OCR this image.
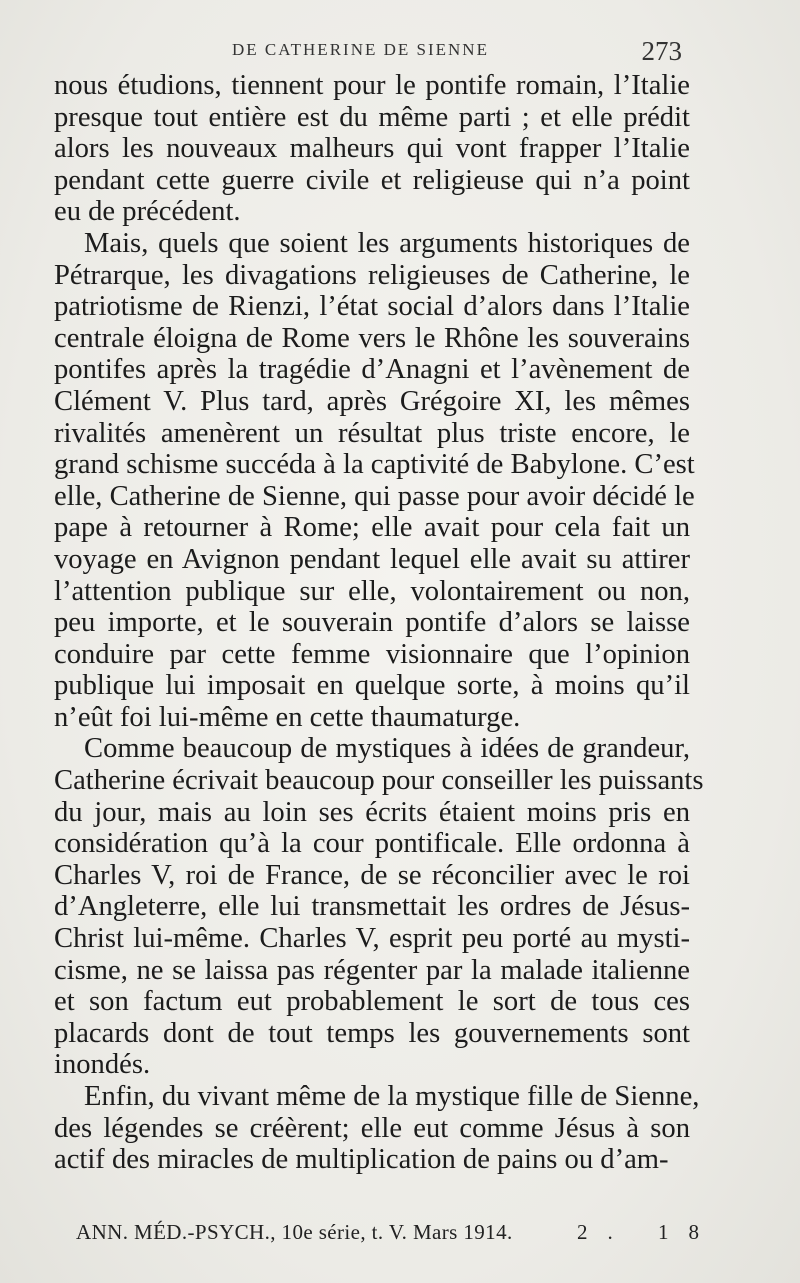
DE CATHERINE DE SIENNE	273
nous étudions, tiennent pour le pontife romain, l’Italie
presque tout entière est du même parti ; et elle prédit
alors les nouveaux malheurs qui vont frapper l’Italie
pendant cette guerre civile et religieuse qui n’a point
eu de précédent.
Mais, quels que soient les arguments historiques de
Pétrarque, les divagations religieuses de Catherine, le
patriotisme de Rienzi, l’état social d’alors dans l’Italie
centrale éloigna de Rome vers le Rhône les souverains
pontifes après la tragédie d’Anagni et l’avènement de
Clément V. Plus tard, après Grégoire XI, les mêmes
rivalités amenèrent un résultat plus triste encore, le
grand schisme succéda à la captivité de Babylone. C’est
elle, Catherine de Sienne, qui passe pour avoir décidé le
pape à retourner à Rome; elle avait pour cela fait un
voyage en Avignon pendant lequel elle avait su attirer
l’attention publique sur elle, volontairement ou non,
peu importe, et le souverain pontife d’alors se laisse
conduire par cette femme visionnaire que l’opinion
publique lui imposait en quelque sorte, à moins qu’il
n’eût foi lui-même en cette thaumaturge.
Comme beaucoup de mystiques à idées de grandeur,
Catherine écrivait beaucoup pour conseiller les puissants
du jour, mais au loin ses écrits étaient moins pris en
considération qu’à la cour pontificale. Elle ordonna à
Charles V, roi de France, de se réconcilier avec le roi
d’Angleterre, elle lui transmettait les ordres de Jésus-
Christ lui-même. Charles V, esprit peu porté au mysti-
cisme, ne se laissa pas régenter par la malade italienne
et son factum eut probablement le sort de tous ces
placards dont de tout temps les gouvernements sont
inondés.
Enfin, du vivant même de la mystique fille de Sienne,
des légendes se créèrent; elle eut comme Jésus à son
actif des miracles de multiplication de pains ou d’am-
ANN. MÉD.-PSYCH., 10e série, t. V. Mars 1914.	2. 18
